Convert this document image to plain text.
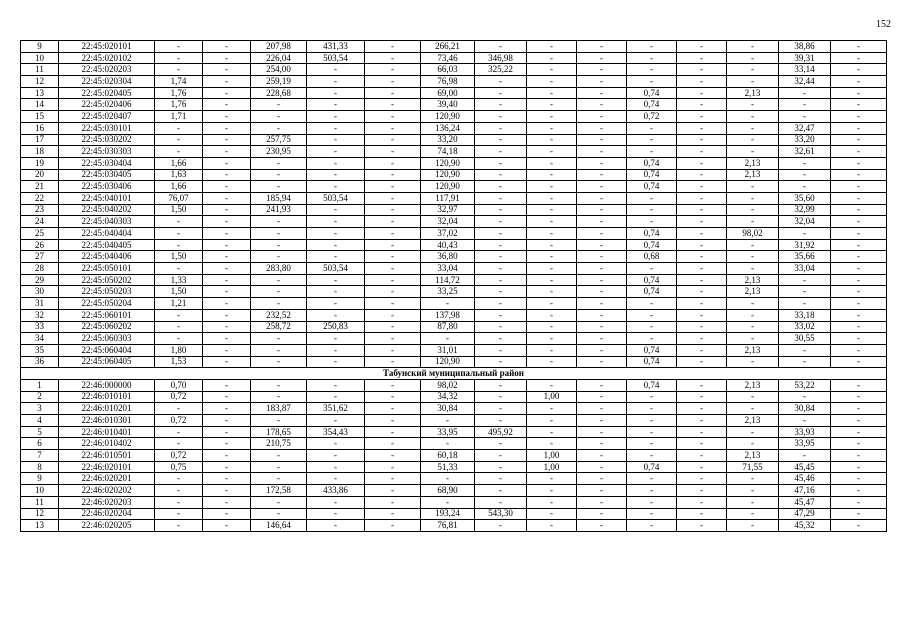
152
9	22:45:020101	-	-	207,98	431,33	-	266,21	-	-	-	-	-	-	38,86	-
10	22:45:020102	-	-	226,04	503,54	-	73,46	346,98	-	-	-	-	-	39,31	-
11	22:45:020203	-	-	254,00	-	-	66,03	325,22	-	-	-	-	-	33,14	-
12	22:45:020304	1,74	-	259,19	-	-	76,98	-	-	-	-	-	-	32,44	-
13	22:45:020405	1,76	-	228,68	-	-	69,00	-	-	-	0,74	-	2,13	-	-
14	22:45:020406	1,76	-	-	-	-	39,40	-	-	-	0,74	-	-	-	-
15	22:45:020407	1,71	-	-	-	-	120,90	-	-	-	0,72	-	-	-	-
16	22:45:030101	-	-	-	-	-	136,24	-	-	-	-	-	-	32,47	-
17	22:45:030202	-	-	257,75	-	-	33,20	-	-	-	-	-	-	33,20	-
18	22:45:030303	-	-	230,95	-	-	74,18	-	-	-	-	-	-	32,61	-
19	22:45:030404	1,66	-	-	-	-	120,90	-	-	-	0,74	-	2,13	-	-
20	22:45:030405	1,63	-	-	-	-	120,90	-	-	-	0,74	-	2,13	-	-
21	22:45:030406	1,66	-	-	-	-	120,90	-	-	-	0,74	-	-	-	-
22	22:45:040101	76,07	-	185,94	503,54	-	117,91	-	-	-	-	-	-	35,60	-
23	22:45:040202	1,50	-	241,93	-	-	32,97	-	-	-	-	-	-	32,99	-
24	22:45:040303	-	-	-	-	-	32,04	-	-	-	-	-	-	32,04	-
25	22:45:040404	-	-	-	-	-	37,02	-	-	-	0,74	-	98,02	-	-
26	22:45:040405	-	-	-	-	-	40,43	-	-	-	0,74	-	-	31,92	-
27	22:45:040406	1,50	-	-	-	-	36,80	-	-	-	0,68	-	-	35,66	-
28	22:45:050101	-	-	283,80	503,54	-	33,04	-	-	-	-	-	-	33,04	-
29	22:45:050202	1,33	-	-	-	-	114,72	-	-	-	0,74	-	2,13	-	-
30	22:45:050203	1,50	-	-	-	-	33,25	-	-	-	0,74	-	2,13	-	-
31	22:45:050204	1,21	-	-	-	-	-	-	-	-	-	-	-	-	-
32	22:45:060101	-	-	232,52	-	-	137,98	-	-	-	-	-	-	33,18	-
33	22:45:060202	-	-	258,72	250,83	-	87,80	-	-	-	-	-	-	33,02	-
34	22:45:060303	-	-	-	-	-	-	-	-	-	-	-	-	30,55	-
35	22:45:060404	1,80	-	-	-	-	31,01	-	-	-	0,74	-	2,13	-	-
36	22:45:060405	1,53	-	-	-	-	120,90	-	-	-	0,74	-	-	-	-
Табунский муниципальный район															
1	22:46:000000	0,70	-	-	-	-	98,02	-	-	-	0,74	-	2,13	53,22	-
2	22:46:010101	0,72	-	-	-	-	34,32	-	1,00	-	-	-	-	-	-
3	22:46:010201	-	-	183,87	351,62	-	30,84	-	-	-	-	-	-	30,84	-
4	22:46:010301	0,72	-	-	-	-	-	-	-	-	-	-	2,13	-	-
5	22:46:010401	-	-	178,65	354,43	-	33,95	495,92	-	-	-	-	-	33,93	-
6	22:46:010402	-	-	210,75	-	-	-	-	-	-	-	-	-	33,95	-
7	22:46:010501	0,72	-	-	-	-	60,18	-	1,00	-	-	-	2,13	-	-
8	22:46:020101	0,75	-	-	-	-	51,33	-	1,00	-	0,74	-	71,55	45,45	-
9	22:46:020201	-	-	-	-	-	-	-	-	-	-	-	-	45,46	-
10	22:46:020202	-	-	172,58	433,86	-	68,90	-	-	-	-	-	-	47,16	-
11	22:46:020203	-	-	-	-	-	-	-	-	-	-	-	-	45,47	-
12	22:46:020204	-	-	-	-	-	193,24	543,30	-	-	-	-	-	47,29	-
13	22:46:020205	-	-	146,64	-	-	76,81	-	-	-	-	-	-	45,32	-
